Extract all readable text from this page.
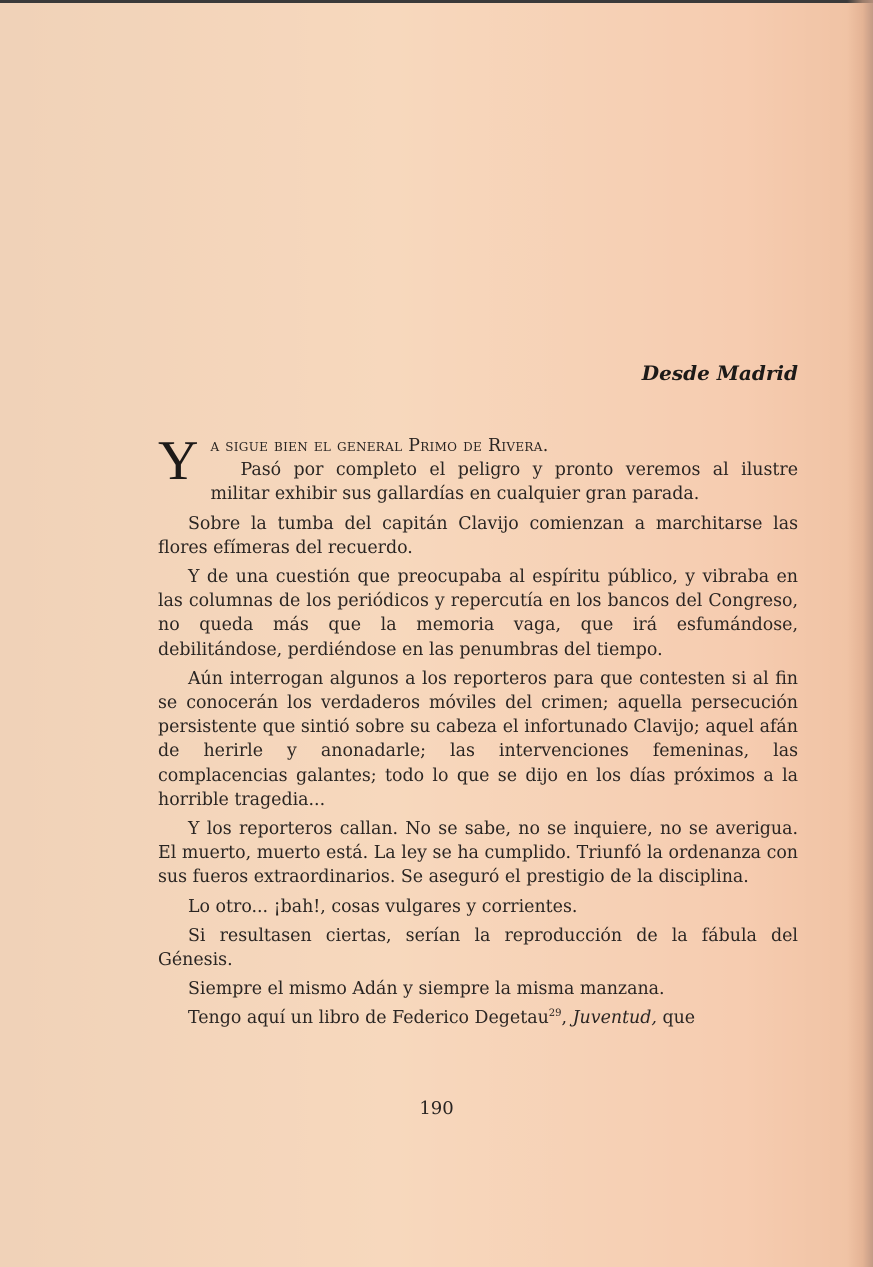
Desde Madrid

Y a sigue bien el general Primo de Rivera.
Pasó por completo el peligro y pronto veremos al ilustre militar exhibir sus gallardías en cualquier gran parada.

Sobre la tumba del capitán Clavijo comienzan a marchitarse las flores efímeras del recuerdo.

Y de una cuestión que preocupaba al espíritu público, y vibraba en las columnas de los periódicos y repercutía en los bancos del Congreso, no queda más que la memoria vaga, que irá esfumándose, debilitándose, perdiéndose en las penumbras del tiempo.

Aún interrogan algunos a los reporteros para que contesten si al fin se conocerán los verdaderos móviles del crimen; aquella persecución persistente que sintió sobre su cabeza el infortunado Clavijo; aquel afán de herirle y anonadarle; las intervenciones femeninas, las complacencias galantes; todo lo que se dijo en los días próximos a la horrible tragedia...

Y los reporteros callan. No se sabe, no se inquiere, no se averigua. El muerto, muerto está. La ley se ha cumplido. Triunfó la ordenanza con sus fueros extraordinarios. Se aseguró el prestigio de la disciplina.

Lo otro... ¡bah!, cosas vulgares y corrientes.

Si resultasen ciertas, serían la reproducción de la fábula del Génesis.

Siempre el mismo Adán y siempre la misma manzana.

Tengo aquí un libro de Federico Degetau$^{29}$, Juventud, que

190
